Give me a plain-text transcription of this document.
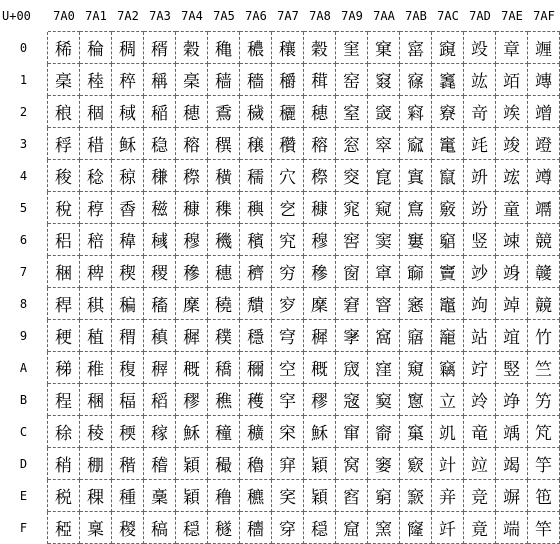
U+00	7A0 7A1 7A2 7A3 7A4 7A5 7A6 7A7 7A8 7A9 7AA 7AB 7AC 7AD 7AE 7AF
0	稀 稐 稠 稰 穀 穐 穠 穰 穀 窐 窠 窰 竀 竐 章 竰
1	稁 稑 稡 稱 稁 穑 穡 穱 穁 窑 窡 窱 竁 竑 竡 竱
2	稂 稒 稢 稲 穂 穒 穢 穲 穂 窒 窢 窲 竂 竒 竢 竲
3	稃 稓 稣 稳 穃 穓 穣 穳 穃 窓 窣 窳 竃 竓 竣 竳
4	稄 稔 稤 稴 穄 穔 穤 穴 穄 窔 窤 窴 竄 竔 竤 竴
5	稅 稕 稥 稵 穅 穕 穥 穵 穅 窕 窥 窵 竅 竕 童 竵
6	稆 稖 稦 稶 穆 穖 穦 究 穆 窖 窦 窶 竆 竖 竦 競
7	稇 稗 稧 稷 穇 穗 穧 穷 穇 窗 窧 窷 竇 竗 竧 竷
8	稈 稘 稨 稸 穈 穘 穨 穸 穈 窘 窨 窸 竈 竘 竨 竸
9	稉 稙 稩 稹 穉 穙 穩 穹 穉 窙 窩 窹 竉 站 竩 竹
A	稊 稚 稪 稺 穊 穚 穪 空 穊 窚 窪 窺 竊 竚 竪 竺
B	程 稛 稫 稻 穋 穛 穫 穻 穋 窛 窫 窻 立 竛 竫 竻
C	稌 稜 稬 稼 穌 穜 穬 穼 穌 窜 窬 窼 竌 竜 竬 竼
D	稍 稝 稭 稽 穎 穝 穭 穽 穎 窝 窭 窽 竍 竝 竭 竽
E	税 稞 種 稾 穎 穞 穮 穾 穎 窞 窮 窾 竎 竞 竮 竾
F	稏 稟 稯 稿 穏 穟 穯 穿 穏 窟 窯 窿 竏 竟 端 竿
